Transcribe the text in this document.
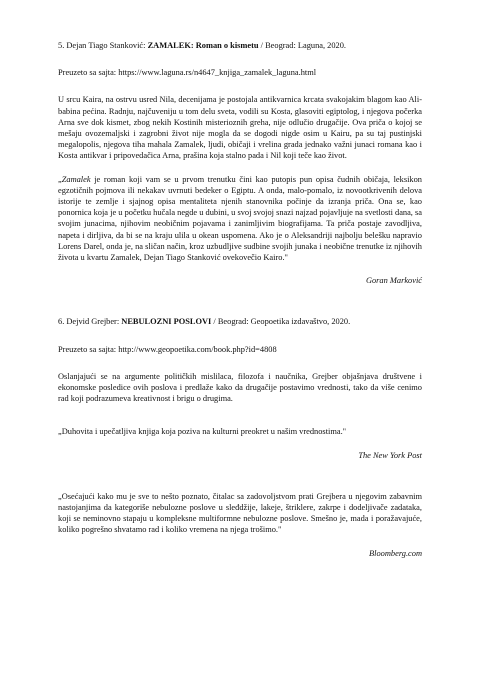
5. Dejan Tiago Stanković: ZAMALEK: Roman o kismetu / Beograd: Laguna, 2020.

Preuzeto sa sajta: https://www.laguna.rs/n4647_knjiga_zamalek_laguna.html

U srcu Kaira, na ostrvu usred Nila, decenijama je postojala antikvarnica krcata svakojakim blagom kao Ali-babina pećina. Radnju, najčuveniju u tom delu sveta, vodili su Kosta, glasoviti egiptolog, i njegova počerka Arna sve dok kismet, zbog nekih Kostinih misterioznih greha, nije odlučio drugačije. Ova priča o kojoj se mešaju ovozemaljski i zagrobni život nije mogla da se dogodi nigde osim u Kairu, pa su taj pustinjski megalopolis, njegova tiha mahala Zamalek, ljudi, običaji i vrelina grada jednako važni junaci romana kao i Kosta antikvar i pripovedačica Arna, prašina koja stalno pada i Nil koji teče kao život.

„Zamalek je roman koji vam se u prvom trenutku čini kao putopis pun opisa čudnih običaja, leksikon egzotičnih pojmova ili nekakav uvrnuti bedeker o Egiptu. A onda, malo-pomalo, iz novootkrivenih delova istorije te zemlje i sjajnog opisa mentaliteta njenih stanovnika počinje da izranja priča. Ona se, kao ponornica koja je u početku hučala negde u dubini, u svoj svojoj snazi najzad pojavljuje na svetlosti dana, sa svojim junacima, njihovim neobičnim pojavama i zanimljivim biografijama. Ta priča postaje zavodljiva, napeta i dirljiva, da bi se na kraju ulila u okean uspomena. Ako je o Aleksandriji najbolju belešku napravio Lorens Darel, onda je, na sličan način, kroz uzbudljive sudbine svojih junaka i neobične trenutke iz njihovih života u kvartu Zamalek, Dejan Tiago Stanković ovekovečio Kairo."

Goran Marković

6. Dejvid Grejber: NEBULOZNI POSLOVI / Beograd: Geopoetika izdavaštvo, 2020.

Preuzeto sa sajta: http://www.geopoetika.com/book.php?id=4808

Oslanjajući se na argumente političkih mislilaca, filozofa i naučnika, Grejber objašnjava društvene i ekonomske posledice ovih poslova i predlaže kako da drugačije postavimo vrednosti, tako da više cenimo rad koji podrazumeva kreativnost i brigu o drugima.

„Duhovita i upečatljiva knjiga koja poziva na kulturni preokret u našim vrednostima."

The New York Post

„Osećajući kako mu je sve to nešto poznato, čitalac sa zadovoljstvom prati Grejbera u njegovim zabavnim nastojanjima da kategoriše nebulozne poslove u sleđdžije, lakeje, štriklere, zakrpe i dodeljivače zadataka, koji se neminovno stapaju u kompleksne multiformne nebulozne poslove. Smešno je, mada i poražavajuće, koliko pogrešno shvatamo rad i koliko vremena na njega trošimo."

Bloomberg.com
